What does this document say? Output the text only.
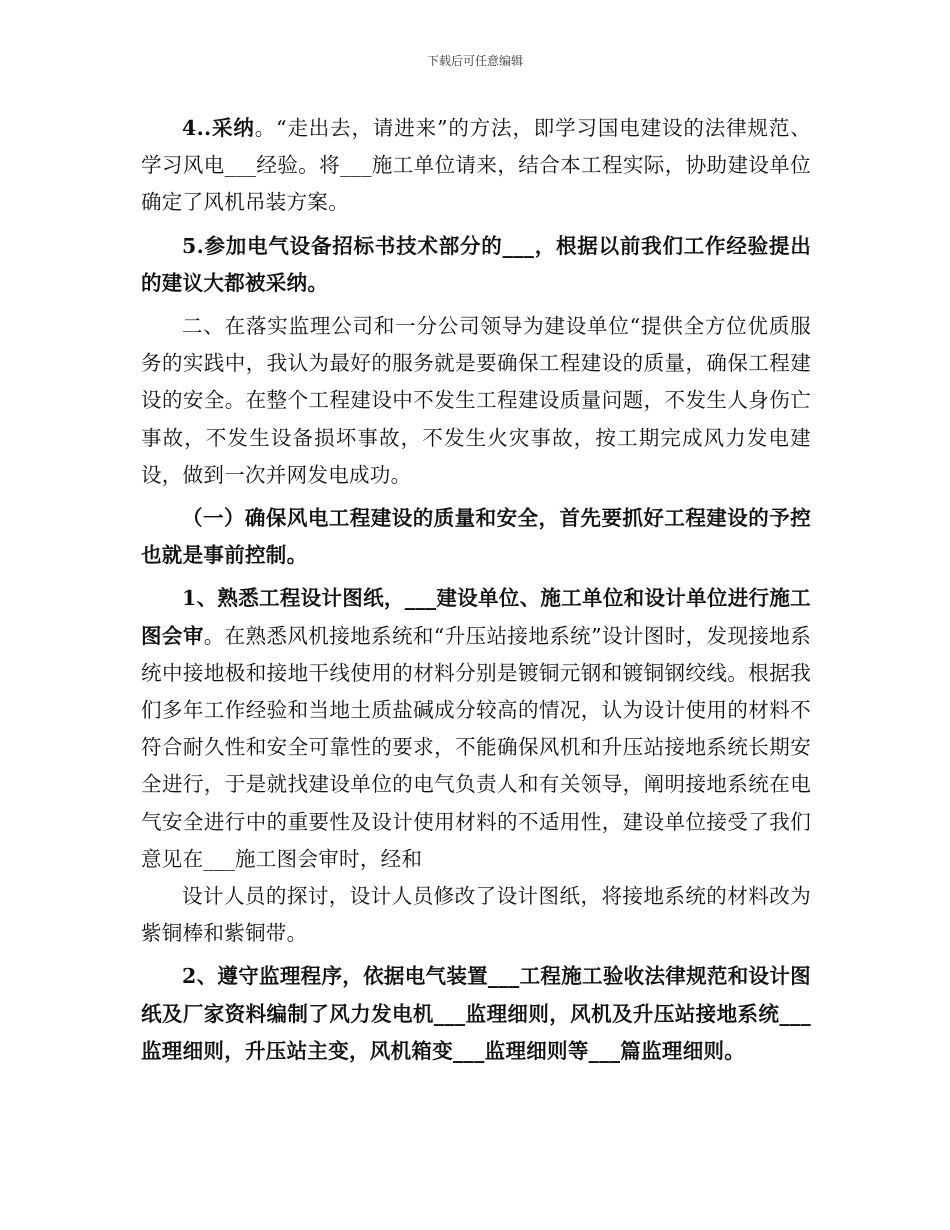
下载后可任意编辑

4..采纳。“走出去，请进来”的方法，即学习国电建设的法律规范、学习风电___经验。将___施工单位请来，结合本工程实际，协助建设单位确定了风机吊装方案。

5.参加电气设备招标书技术部分的___，根据以前我们工作经验提出的建议大都被采纳。

二、在落实监理公司和一分公司领导为建设单位“提供全方位优质服务的实践中，我认为最好的服务就是要确保工程建设的质量，确保工程建设的安全。在整个工程建设中不发生工程建设质量问题，不发生人身伤亡事故，不发生设备损坏事故，不发生火灾事故，按工期完成风力发电建设，做到一次并网发电成功。

（一）确保风电工程建设的质量和安全，首先要抓好工程建设的予控也就是事前控制。

1、熟悉工程设计图纸，___建设单位、施工单位和设计单位进行施工图会审。在熟悉风机接地系统和“升压站接地系统”设计图时，发现接地系统中接地极和接地干线使用的材料分别是镀铜元钢和镀铜钢绞线。根据我们多年工作经验和当地土质盐碱成分较高的情况，认为设计使用的材料不符合耐久性和安全可靠性的要求，不能确保风机和升压站接地系统长期安全进行，于是就找建设单位的电气负责人和有关领导，阐明接地系统在电气安全进行中的重要性及设计使用材料的不适用性，建设单位接受了我们意见在___施工图会审时，经和

设计人员的探讨，设计人员修改了设计图纸，将接地系统的材料改为紫铜棒和紫铜带。

2、遵守监理程序，依据电气装置___工程施工验收法律规范和设计图纸及厂家资料编制了风力发电机___监理细则，风机及升压站接地系统___监理细则，升压站主变，风机箱变___监理细则等___篇监理细则。
